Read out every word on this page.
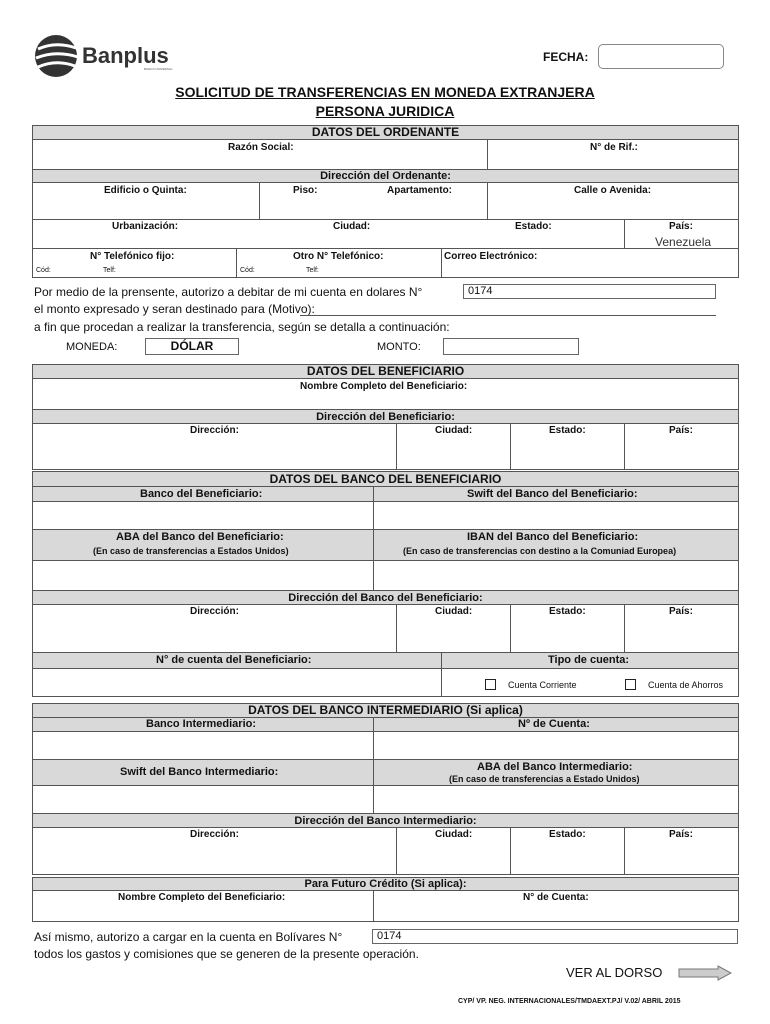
Banplus
BANCO UNIVERSAL
FECHA:
SOLICITUD DE TRANSFERENCIAS EN MONEDA EXTRANJERA
PERSONA JURIDICA
DATOS DEL ORDENANTE
Razón Social:	N° de Rif.:
Dirección del Ordenante:
Edificio o Quinta:	Piso:	Apartamento:	Calle o Avenida:
Urbanización:	Ciudad:	Estado:	País:
Venezuela
N° Telefónico fijo:	Otro N° Telefónico:	Correo Electrónico:
Cód:	Telf:	Cód:	Telf:
Por medio de la prensente, autorizo a debitar de mi cuenta en dolares N°	0174
el monto expresado y seran destinado para (Motivo):
a fin que procedan a realizar la transferencia, según se detalla a continuación:
MONEDA:	DÓLAR	MONTO:
DATOS DEL BENEFICIARIO
Nombre Completo del Beneficiario:
Dirección del Beneficiario:
Dirección:	Ciudad:	Estado:	País:
DATOS DEL BANCO DEL BENEFICIARIO
Banco del Beneficiario:	Swift del Banco del Beneficiario:
ABA del Banco del Beneficiario:
(En caso de transferencias a Estados Unidos)
IBAN del Banco del Beneficiario:
(En caso de transferencias con destino a la Comuniad Europea)
Dirección del Banco del Beneficiario:
Dirección:	Ciudad:	Estado:	País:
N° de cuenta del Beneficiario:	Tipo de cuenta:
Cuenta Corriente	Cuenta de Ahorros
DATOS DEL BANCO INTERMEDIARIO (Si aplica)
Banco Intermediario:	Nº de Cuenta:
Swift del Banco Intermediario:	ABA del Banco Intermediario:
(En caso de transferencias a Estado Unidos)
Dirección del Banco Intermediario:
Dirección:	Ciudad:	Estado:	País:
Para Futuro Crédito (Si aplica):
Nombre Completo del Beneficiario:	N° de Cuenta:
Así mismo, autorizo a cargar en la cuenta en Bolívares N°	0174
todos los gastos y comisiones que se generen de la presente operación.
VER AL DORSO
CYP/ VP. NEG. INTERNACIONALES/TMDAEXT.PJ/ V.02/ ABRIL 2015
